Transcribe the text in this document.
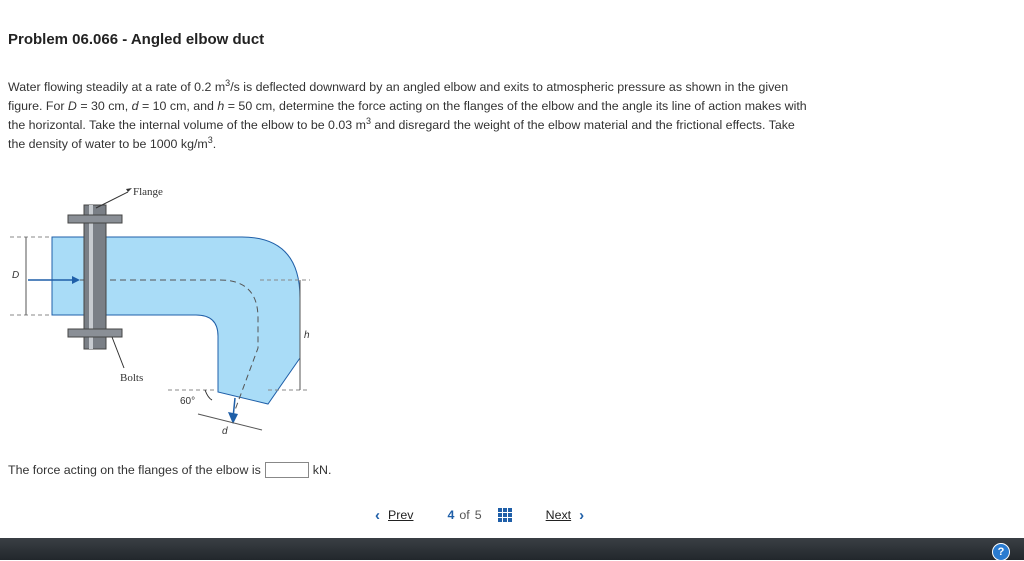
Problem 06.066 - Angled elbow duct
Water flowing steadily at a rate of 0.2 $m^3/s$ is deflected downward by an angled elbow and exits to atmospheric pressure as shown in the given figure. For D = 30 cm, d = 10 cm, and h = 50 cm, determine the force acting on the flanges of the elbow and the angle its line of action makes with the horizontal. Take the internal volume of the elbow to be 0.03 $m^3$ and disregard the weight of the elbow material and the frictional effects. Take the density of water to be 1000 $kg/m^3$.
D
Flange
Bolts
h
60°
d
The force acting on the flanges of the elbow is	kN.
‹ Prev	4 of 5	Next ›
?
